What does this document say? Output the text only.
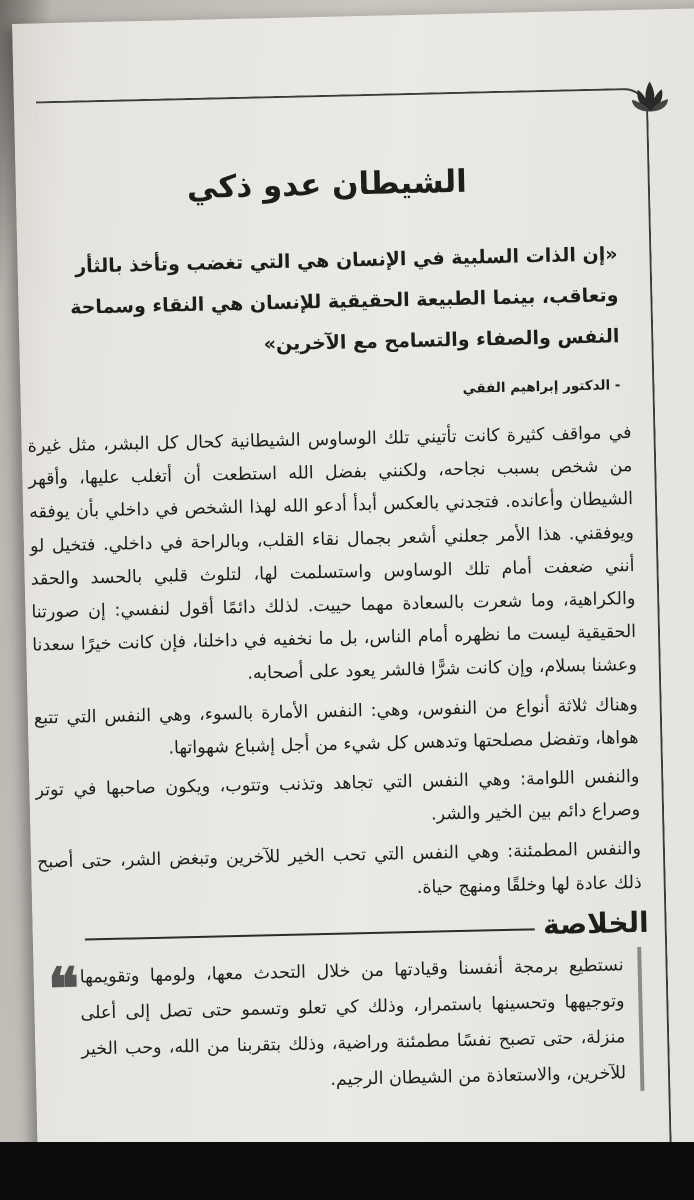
الشيطان عدو ذكي
«إن الذات السلبية في الإنسان هي التي تغضب وتأخذ بالثأر وتعاقب، بينما الطبيعة الحقيقية للإنسان هي النقاء وسماحة النفس والصفاء والتسامح مع الآخرين»
- الدكتور إبراهيم الفقي
في مواقف كثيرة كانت تأتيني تلك الوساوس الشيطانية كحال كل البشر، مثل غيرة من شخص بسبب نجاحه، ولكنني بفضل الله استطعت أن أتغلب عليها، وأقهر الشيطان وأعانده. فتجدني بالعكس أبدأ أدعو الله لهذا الشخص في داخلي بأن يوفقه ويوفقني. هذا الأمر جعلني أشعر بجمال نقاء القلب، وبالراحة في داخلي. فتخيل لو أنني ضعفت أمام تلك الوساوس واستسلمت لها، لتلوث قلبي بالحسد والحقد والكراهية، وما شعرت بالسعادة مهما حييت. لذلك دائمًا أقول لنفسي: إن صورتنا الحقيقية ليست ما نظهره أمام الناس، بل ما نخفيه في داخلنا، فإن كانت خيرًا سعدنا وعشنا بسلام، وإن كانت شرًّا فالشر يعود على أصحابه.
وهناك ثلاثة أنواع من النفوس، وهي: النفس الأمارة بالسوء، وهي النفس التي تتبع هواها، وتفضل مصلحتها وتدهس كل شيء من أجل إشباع شهواتها.
والنفس اللوامة: وهي النفس التي تجاهد وتذنب وتتوب، ويكون صاحبها في توتر وصراع دائم بين الخير والشر.
والنفس المطمئنة: وهي النفس التي تحب الخير للآخرين وتبغض الشر، حتى أصبح ذلك عادة لها وخلقًا ومنهج حياة.
الخلاصة
❝ نستطيع برمجة أنفسنا وقيادتها من خلال التحدث معها، ولومها وتقويمها وتوجيهها وتحسينها باستمرار، وذلك كي تعلو وتسمو حتى تصل إلى أعلى منزلة، حتى تصبح نفسًا مطمئنة وراضية، وذلك بتقربنا من الله، وحب الخير للآخرين، والاستعاذة من الشيطان الرجيم.
